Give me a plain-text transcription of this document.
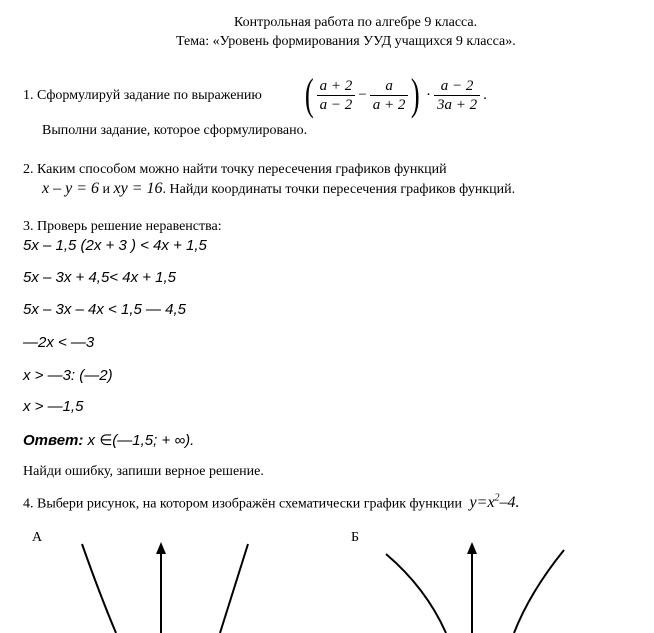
Контрольная работа по алгебре 9 класса.
Тема: «Уровень формирования УУД учащихся 9 класса».
1. Сформулируй задание по выражению ( $\frac{a + 2}{a - 2} - \frac{a}{a + 2}$ ) · $\frac{a - 2}{3a + 2}$ .
Выполни задание, которое сформулировано.
2. Каким способом можно найти точку пересечения графиков функций
x – y = 6 и xy = 16. Найди координаты точки пересечения графиков функций.
3. Проверь решение неравенства:
5x – 1,5 (2x + 3 ) < 4x + 1,5
5x – 3x + 4,5< 4x + 1,5
5x – 3x – 4x < 1,5 — 4,5
—2x < —3
x > —3: (—2)
x > —1,5
Ответ: x ∈(—1,5; + ∞).
Найди ошибку, запиши верное решение.
4. Выбери рисунок, на котором изображён схематически график функции $y=x^2-4$.
А	Б
